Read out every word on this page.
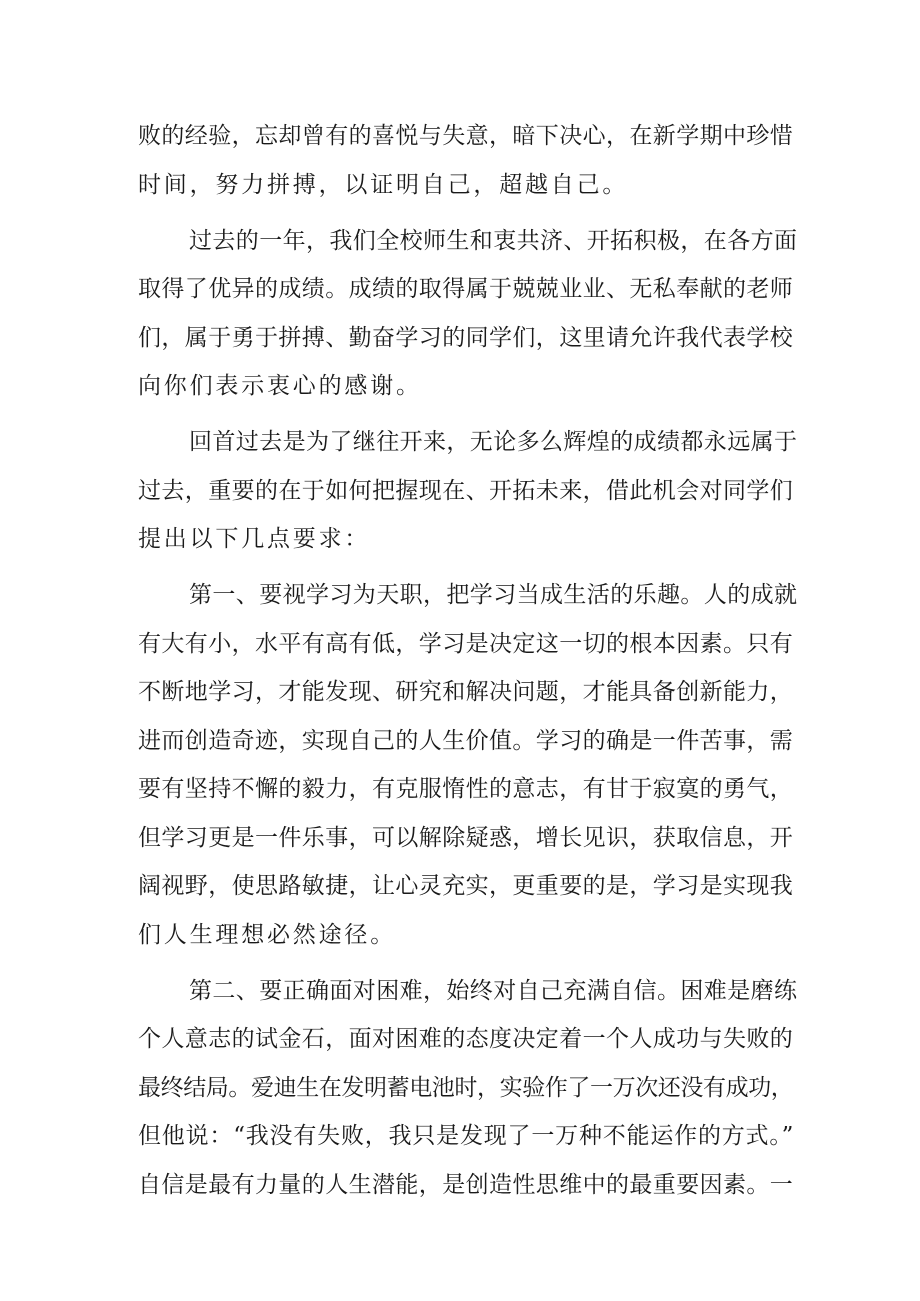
败的经验，忘却曾有的喜悦与失意，暗下决心，在新学期中珍惜
时间，努力拼搏，以证明自己，超越自己。
过去的一年，我们全校师生和衷共济、开拓积极，在各方面
取得了优异的成绩。成绩的取得属于兢兢业业、无私奉献的老师
们，属于勇于拼搏、勤奋学习的同学们，这里请允许我代表学校
向你们表示衷心的感谢。
回首过去是为了继往开来，无论多么辉煌的成绩都永远属于
过去，重要的在于如何把握现在、开拓未来，借此机会对同学们
提出以下几点要求：
第一、要视学习为天职，把学习当成生活的乐趣。人的成就
有大有小，水平有高有低，学习是决定这一切的根本因素。只有
不断地学习，才能发现、研究和解决问题，才能具备创新能力，
进而创造奇迹，实现自己的人生价值。学习的确是一件苦事，需
要有坚持不懈的毅力，有克服惰性的意志，有甘于寂寞的勇气，
但学习更是一件乐事，可以解除疑惑，增长见识，获取信息，开
阔视野，使思路敏捷，让心灵充实，更重要的是，学习是实现我
们人生理想必然途径。
第二、要正确面对困难，始终对自己充满自信。困难是磨练
个人意志的试金石，面对困难的态度决定着一个人成功与失败的
最终结局。爱迪生在发明蓄电池时，实验作了一万次还没有成功，
但他说：“我没有失败，我只是发现了一万种不能运作的方式。”
自信是最有力量的人生潜能，是创造性思维中的最重要因素。一
